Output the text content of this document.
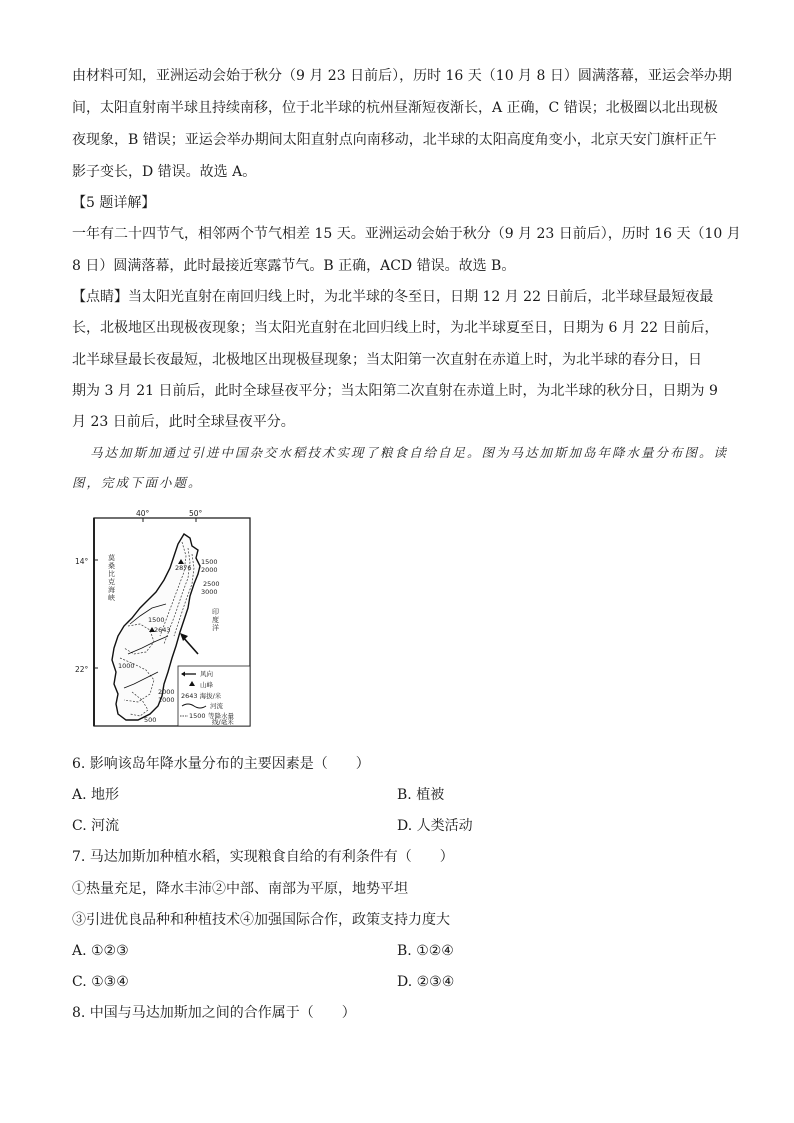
由材料可知，亚洲运动会始于秋分（9 月 23 日前后），历时 16 天（10 月 8 日）圆满落幕，亚运会举办期
间，太阳直射南半球且持续南移，位于北半球的杭州昼渐短夜渐长，A 正确，C 错误；北极圈以北出现极
夜现象，B 错误；亚运会举办期间太阳直射点向南移动，北半球的太阳高度角变小，北京天安门旗杆正午
影子变长，D 错误。故选 A。
【5 题详解】
一年有二十四节气，相邻两个节气相差 15 天。亚洲运动会始于秋分（9 月 23 日前后），历时 16 天（10 月
8 日）圆满落幕，此时最接近寒露节气。B 正确，ACD 错误。故选 B。
【点睛】当太阳光直射在南回归线上时，为北半球的冬至日，日期 12 月 22 日前后，北半球昼最短夜最
长，北极地区出现极夜现象；当太阳光直射在北回归线上时，为北半球夏至日，日期为 6 月 22 日前后，
北半球昼最长夜最短，北极地区出现极昼现象；当太阳第一次直射在赤道上时，为北半球的春分日，日
期为 3 月 21 日前后，此时全球昼夜平分；当太阳第二次直射在赤道上时，为北半球的秋分日，日期为 9
月 23 日前后，此时全球昼夜平分。
马达加斯加通过引进中国杂交水稻技术实现了粮食自给自足。图为马达加斯加岛年降水量分布图。读
图，完成下面小题。
40°	50°
14°
22°
莫
桑
比
克
海
峡
印
度
洋
1500
2000
2500
3000
2876
1500
2643
1000
2000
1000
500
风向
山峰
2643 海拔/米
河流
1500 等降水量
线/毫米
6. 影响该岛年降水量分布的主要因素是（　　）
A. 地形	B. 植被
C. 河流	D. 人类活动
7. 马达加斯加种植水稻，实现粮食自给的有利条件有（　　）
①热量充足，降水丰沛②中部、南部为平原，地势平坦
③引进优良品种和种植技术④加强国际合作，政策支持力度大
A. ①②③	B. ①②④
C. ①③④	D. ②③④
8. 中国与马达加斯加之间的合作属于（　　）
